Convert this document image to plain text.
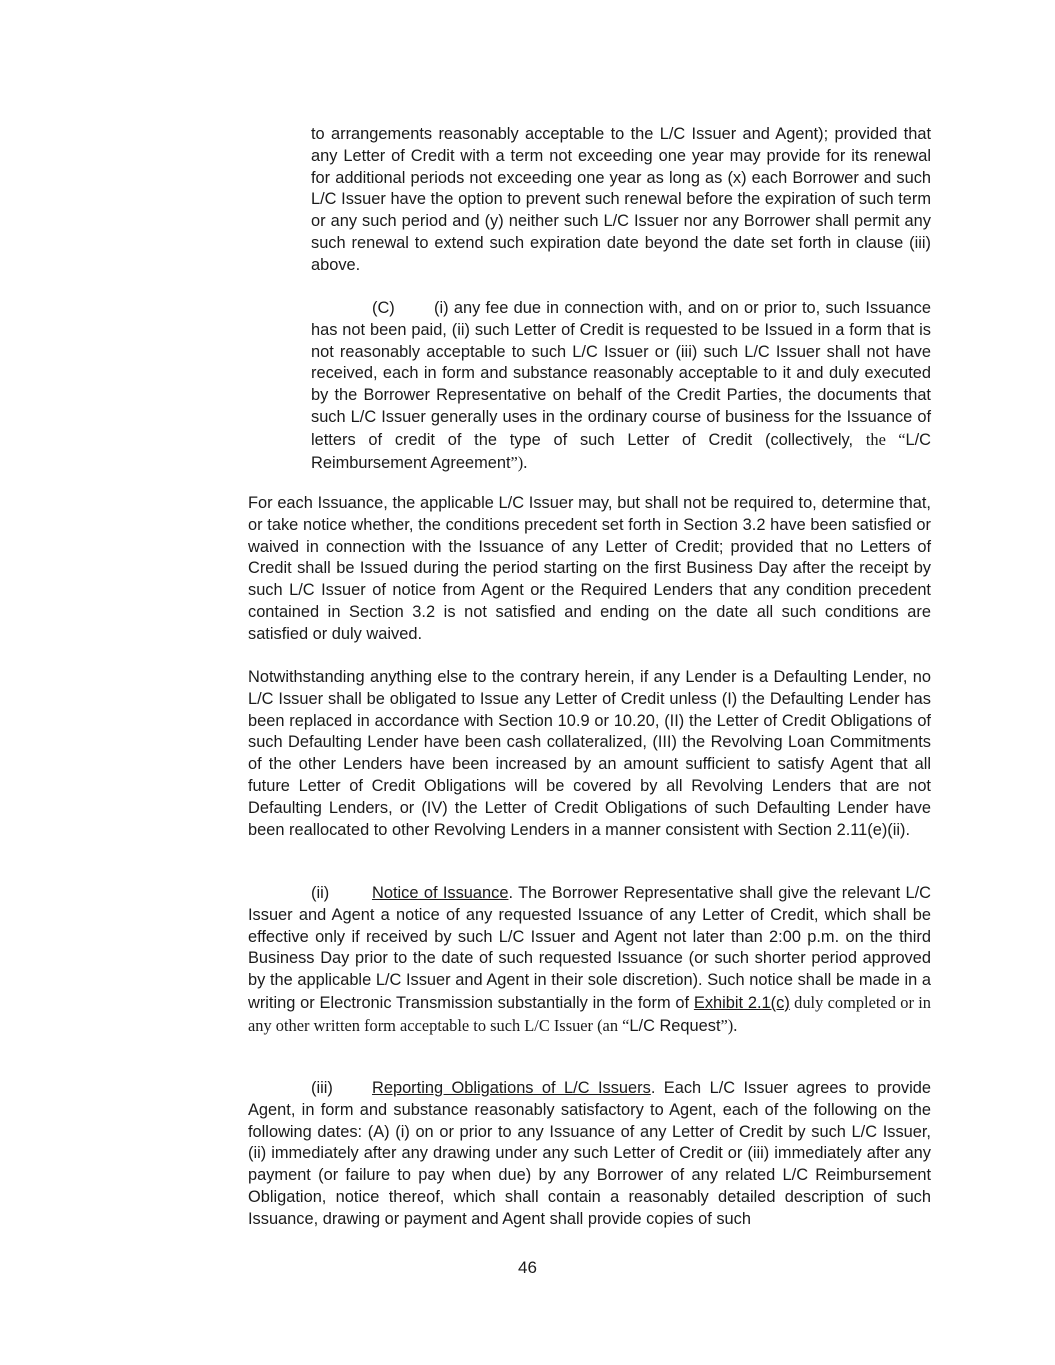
to arrangements reasonably acceptable to the L/C Issuer and Agent); provided that any Letter of Credit with a term not exceeding one year may provide for its renewal for additional periods not exceeding one year as long as (x) each Borrower and such L/C Issuer have the option to prevent such renewal before the expiration of such term or any such period and (y) neither such L/C Issuer nor any Borrower shall permit any such renewal to extend such expiration date beyond the date set forth in clause (iii) above.

(C) (i) any fee due in connection with, and on or prior to, such Issuance has not been paid, (ii) such Letter of Credit is requested to be Issued in a form that is not reasonably acceptable to such L/C Issuer or (iii) such L/C Issuer shall not have received, each in form and substance reasonably acceptable to it and duly executed by the Borrower Representative on behalf of the Credit Parties, the documents that such L/C Issuer generally uses in the ordinary course of business for the Issuance of letters of credit of the type of such Letter of Credit (collectively, the “L/C Reimbursement Agreement”).

For each Issuance, the applicable L/C Issuer may, but shall not be required to, determine that, or take notice whether, the conditions precedent set forth in Section 3.2 have been satisfied or waived in connection with the Issuance of any Letter of Credit; provided that no Letters of Credit shall be Issued during the period starting on the first Business Day after the receipt by such L/C Issuer of notice from Agent or the Required Lenders that any condition precedent contained in Section 3.2 is not satisfied and ending on the date all such conditions are satisfied or duly waived.

Notwithstanding anything else to the contrary herein, if any Lender is a Defaulting Lender, no L/C Issuer shall be obligated to Issue any Letter of Credit unless (I) the Defaulting Lender has been replaced in accordance with Section 10.9 or 10.20, (II) the Letter of Credit Obligations of such Defaulting Lender have been cash collateralized, (III) the Revolving Loan Commitments of the other Lenders have been increased by an amount sufficient to satisfy Agent that all future Letter of Credit Obligations will be covered by all Revolving Lenders that are not Defaulting Lenders, or (IV) the Letter of Credit Obligations of such Defaulting Lender have been reallocated to other Revolving Lenders in a manner consistent with Section 2.11(e)(ii).

(ii)	Notice of Issuance. The Borrower Representative shall give the relevant L/C Issuer and Agent a notice of any requested Issuance of any Letter of Credit, which shall be effective only if received by such L/C Issuer and Agent not later than 2:00 p.m. on the third Business Day prior to the date of such requested Issuance (or such shorter period approved by the applicable L/C Issuer and Agent in their sole discretion). Such notice shall be made in a writing or Electronic Transmission substantially in the form of Exhibit 2.1(c) duly completed or in any other written form acceptable to such L/C Issuer (an “L/C Request”).

(iii) Reporting Obligations of L/C Issuers. Each L/C Issuer agrees to provide Agent, in form and substance reasonably satisfactory to Agent, each of the following on the following dates: (A) (i) on or prior to any Issuance of any Letter of Credit by such L/C Issuer, (ii) immediately after any drawing under any such Letter of Credit or (iii) immediately after any payment (or failure to pay when due) by any Borrower of any related L/C Reimbursement Obligation, notice thereof, which shall contain a reasonably detailed description of such Issuance, drawing or payment and Agent shall provide copies of such

46
